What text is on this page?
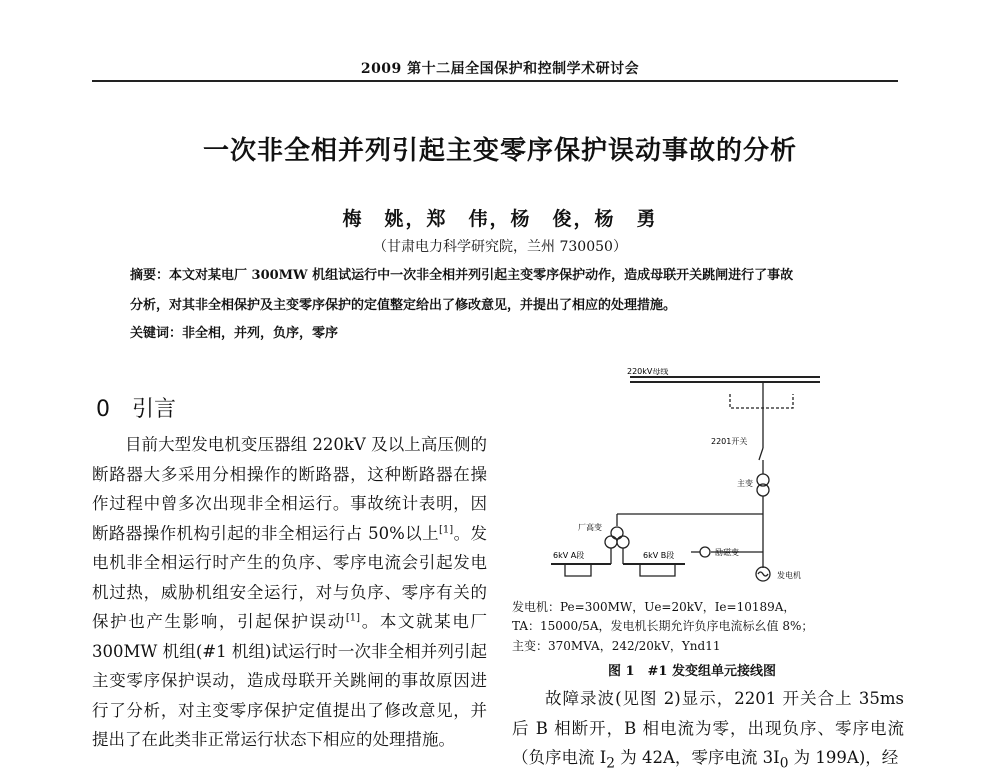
2009 第十二届全国保护和控制学术研讨会
一次非全相并列引起主变零序保护误动事故的分析
梅　姚，郑　伟，杨　俊，杨　勇
（甘肃电力科学研究院，兰州 730050）
摘要：本文对某电厂 300MW 机组试运行中一次非全相并列引起主变零序保护动作，造成母联开关跳闸进行了事故
分析，对其非全相保护及主变零序保护的定值整定给出了修改意见，并提出了相应的处理措施。
关键词：非全相，并列，负序，零序
0　引言

目前大型发电机变压器组 220kV 及以上高压侧的断路器大多采用分相操作的断路器，这种断路器在操作过程中曾多次出现非全相运行。事故统计表明，因断路器操作机构引起的非全相运行占 50%以上[1]。发电机非全相运行时产生的负序、零序电流会引起发电机过热，威胁机组安全运行，对与负序、零序有关的保护也产生影响，引起保护误动[1]。本文就某电厂 300MW 机组(#1 机组)试运行时一次非全相并列引起主变零序保护误动，造成母联开关跳闸的事故原因进行了分析，对主变零序保护定值提出了修改意见，并提出了在此类非正常运行状态下相应的处理措施。

220kV母线
2201开关
主变
厂高变
6kV A段	6kV B段	励磁变
发电机
发电机：Pe=300MW，Ue=20kV，Ie=10189A，
TA：15000/5A，发电机长期允许负序电流标幺值 8%；
主变：370MVA，242/20kV，Ynd11
图 1　#1 发变组单元接线图

故障录波(见图 2)显示，2201 开关合上 35ms 后 B 相断开，B 相电流为零，出现负序、零序电流（负序电流 $I_2$ 为 42A，零序电流 $3I_0$ 为 199A)，经
